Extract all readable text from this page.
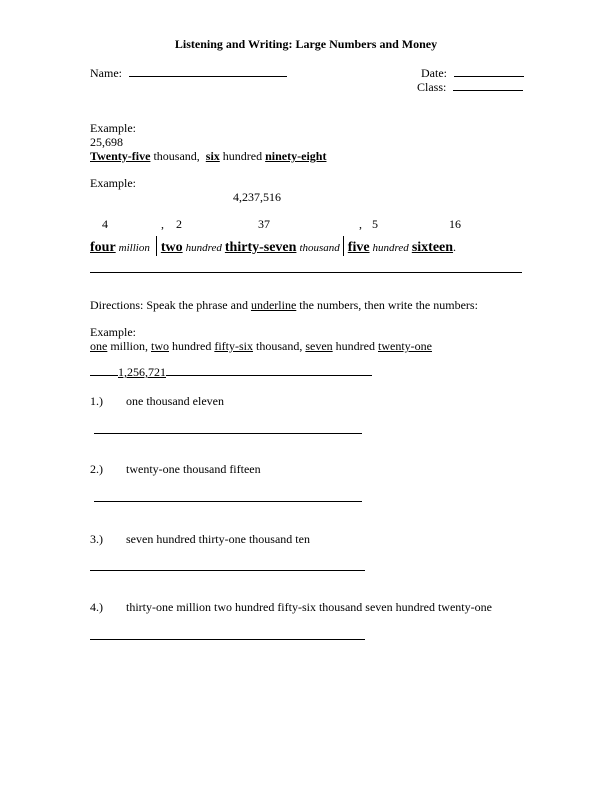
Listening and Writing: Large Numbers and Money
Name:	Date:
Class:
Example:
25,698
Twenty-five thousand,  six hundred ninety-eight
Example:
4,237,516
4	, 2	37	, 5	16
four million two hundred thirty-seven thousand five hundred sixteen.
Directions: Speak the phrase and underline the numbers, then write the numbers:
Example:
one million, two hundred fifty-six thousand, seven hundred twenty-one
1,256,721
1.) one thousand eleven
2.) twenty-one thousand fifteen
3.) seven hundred thirty-one thousand ten
4.) thirty-one million two hundred fifty-six thousand seven hundred twenty-one
